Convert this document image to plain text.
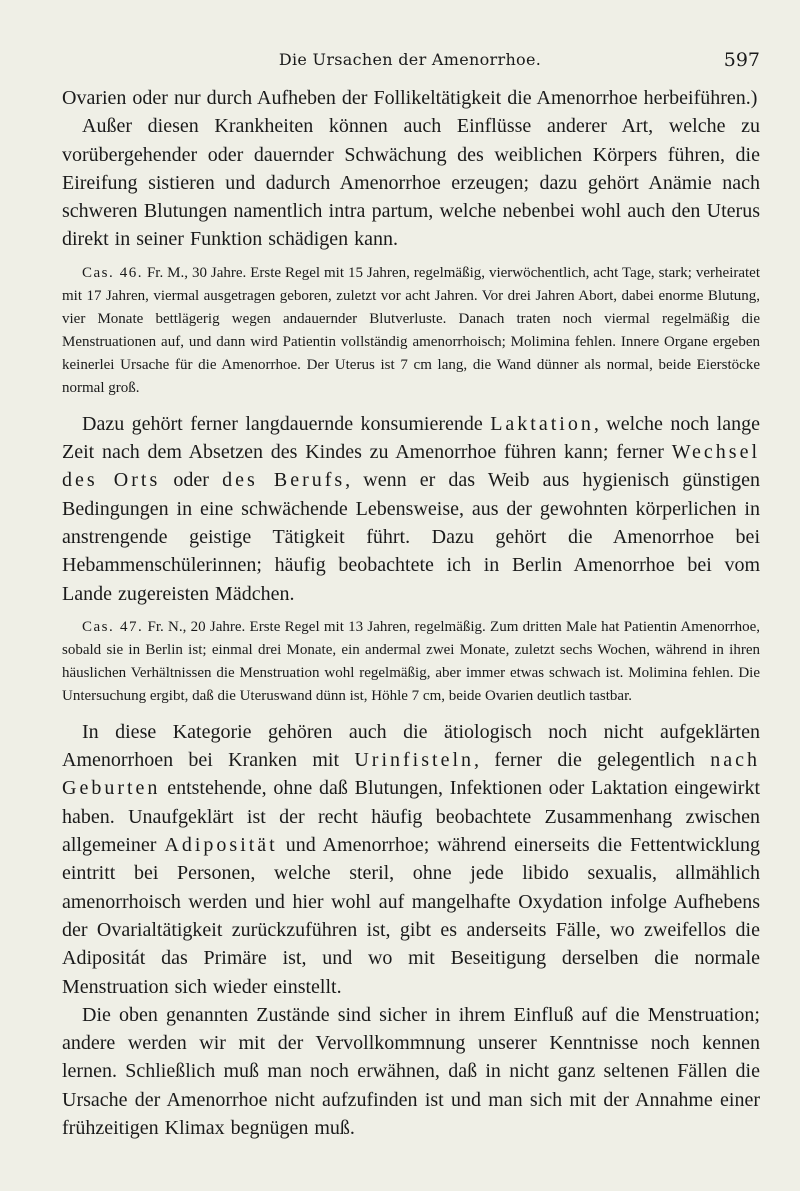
Die Ursachen der Amenorrhoe.	597

Ovarien oder nur durch Aufheben der Follikeltätigkeit die Amenorrhoe herbeiführen.)

Außer diesen Krankheiten können auch Einflüsse anderer Art, welche zu vorübergehender oder dauernder Schwächung des weiblichen Körpers führen, die Eireifung sistieren und dadurch Amenorrhoe erzeugen; dazu gehört Anämie nach schweren Blutungen namentlich intra partum, welche nebenbei wohl auch den Uterus direkt in seiner Funktion schädigen kann.

Cas. 46. Fr. M., 30 Jahre. Erste Regel mit 15 Jahren, regelmäßig, vierwöchentlich, acht Tage, stark; verheiratet mit 17 Jahren, viermal ausgetragen geboren, zuletzt vor acht Jahren. Vor drei Jahren Abort, dabei enorme Blutung, vier Monate bettlägerig wegen andauernder Blutverluste. Danach traten noch viermal regelmäßig die Menstruationen auf, und dann wird Patientin vollständig amenorrhoisch; Molimina fehlen. Innere Organe ergeben keinerlei Ursache für die Amenorrhoe. Der Uterus ist 7 cm lang, die Wand dünner als normal, beide Eierstöcke normal groß.

Dazu gehört ferner langdauernde konsumierende Laktation, welche noch lange Zeit nach dem Absetzen des Kindes zu Amenorrhoe führen kann; ferner Wechsel des Orts oder des Berufs, wenn er das Weib aus hygienisch günstigen Bedingungen in eine schwächende Lebensweise, aus der gewohnten körperlichen in anstrengende geistige Tätigkeit führt. Dazu gehört die Amenorrhoe bei Hebammenschülerinnen; häufig beobachtete ich in Berlin Amenorrhoe bei vom Lande zugereisten Mädchen.

Cas. 47. Fr. N., 20 Jahre. Erste Regel mit 13 Jahren, regelmäßig. Zum dritten Male hat Patientin Amenorrhoe, sobald sie in Berlin ist; einmal drei Monate, ein andermal zwei Monate, zuletzt sechs Wochen, während in ihren häuslichen Verhältnissen die Menstruation wohl regelmäßig, aber immer etwas schwach ist. Molimina fehlen. Die Untersuchung ergibt, daß die Uteruswand dünn ist, Höhle 7 cm, beide Ovarien deutlich tastbar.

In diese Kategorie gehören auch die ätiologisch noch nicht aufgeklärten Amenorrhoen bei Kranken mit Urinfisteln, ferner die gelegentlich nach Geburten entstehende, ohne daß Blutungen, Infektionen oder Laktation eingewirkt haben. Unaufgeklärt ist der recht häufig beobachtete Zusammenhang zwischen allgemeiner Adiposität und Amenorrhoe; während einerseits die Fettentwicklung eintritt bei Personen, welche steril, ohne jede libido sexualis, allmählich amenorrhoisch werden und hier wohl auf mangelhafte Oxydation infolge Aufhebens der Ovarialtätigkeit zurückzuführen ist, gibt es anderseits Fälle, wo zweifellos die Adipositát das Primäre ist, und wo mit Beseitigung derselben die normale Menstruation sich wieder einstellt.

Die oben genannten Zustände sind sicher in ihrem Einfluß auf die Menstruation; andere werden wir mit der Vervollkommnung unserer Kenntnisse noch kennen lernen. Schließlich muß man noch erwähnen, daß in nicht ganz seltenen Fällen die Ursache der Amenorrhoe nicht aufzufinden ist und man sich mit der Annahme einer frühzeitigen Klimax begnügen muß.
